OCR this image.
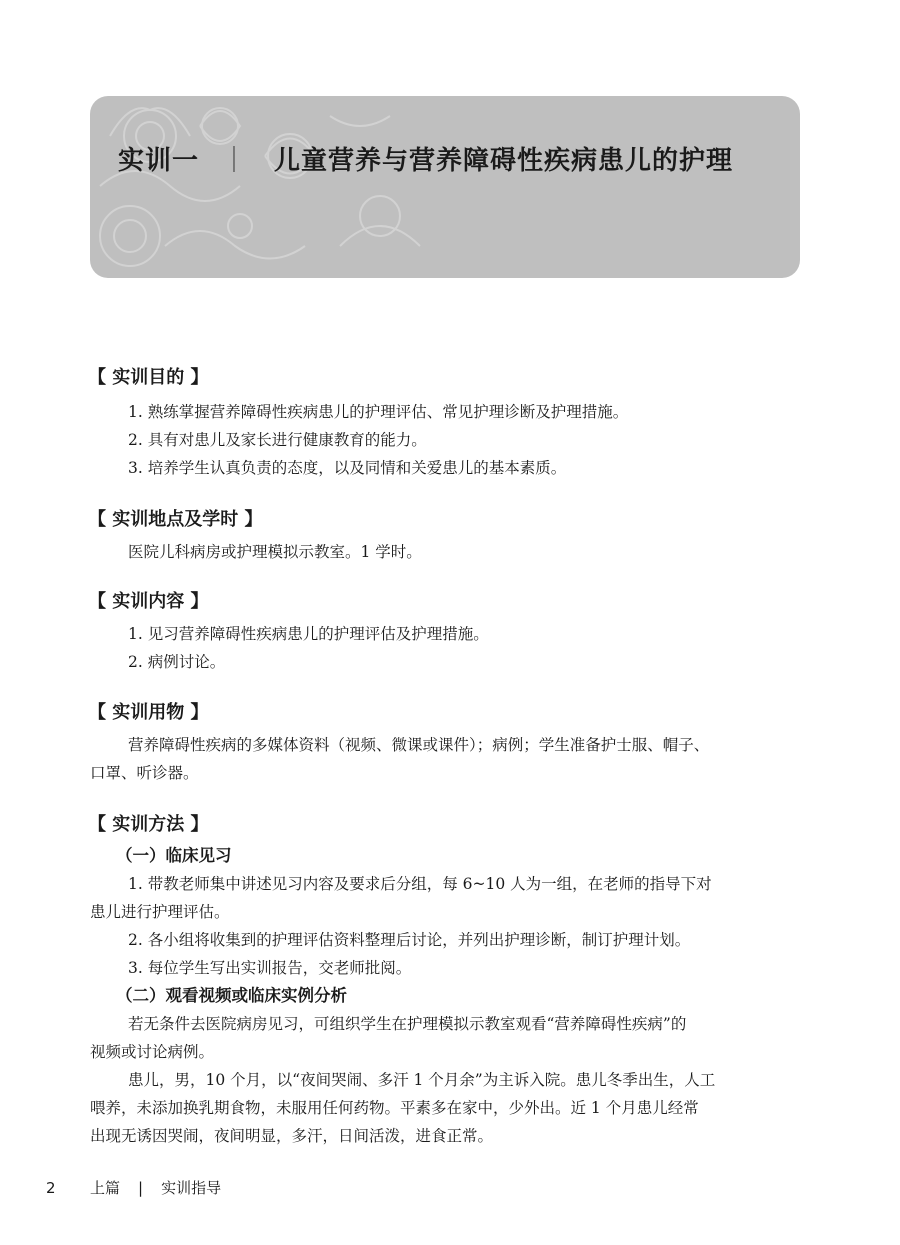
实训一 ｜ 儿童营养与营养障碍性疾病患儿的护理
【 实训目的 】
1. 熟练掌握营养障碍性疾病患儿的护理评估、常见护理诊断及护理措施。
2. 具有对患儿及家长进行健康教育的能力。
3. 培养学生认真负责的态度，以及同情和关爱患儿的基本素质。
【 实训地点及学时 】
医院儿科病房或护理模拟示教室。1 学时。
【 实训内容 】
1. 见习营养障碍性疾病患儿的护理评估及护理措施。
2. 病例讨论。
【 实训用物 】
营养障碍性疾病的多媒体资料（视频、微课或课件）；病例；学生准备护士服、帽子、
口罩、听诊器。
【 实训方法 】
（一）临床见习
1. 带教老师集中讲述见习内容及要求后分组，每 6~10 人为一组，在老师的指导下对
患儿进行护理评估。
2. 各小组将收集到的护理评估资料整理后讨论，并列出护理诊断，制订护理计划。
3. 每位学生写出实训报告，交老师批阅。
（二）观看视频或临床实例分析
若无条件去医院病房见习，可组织学生在护理模拟示教室观看“营养障碍性疾病”的
视频或讨论病例。
患儿，男，10 个月，以“夜间哭闹、多汗 1 个月余”为主诉入院。患儿冬季出生，人工
喂养，未添加换乳期食物，未服用任何药物。平素多在家中，少外出。近 1 个月患儿经常
出现无诱因哭闹，夜间明显，多汗，日间活泼，进食正常。
2 上篇 | 实训指导
